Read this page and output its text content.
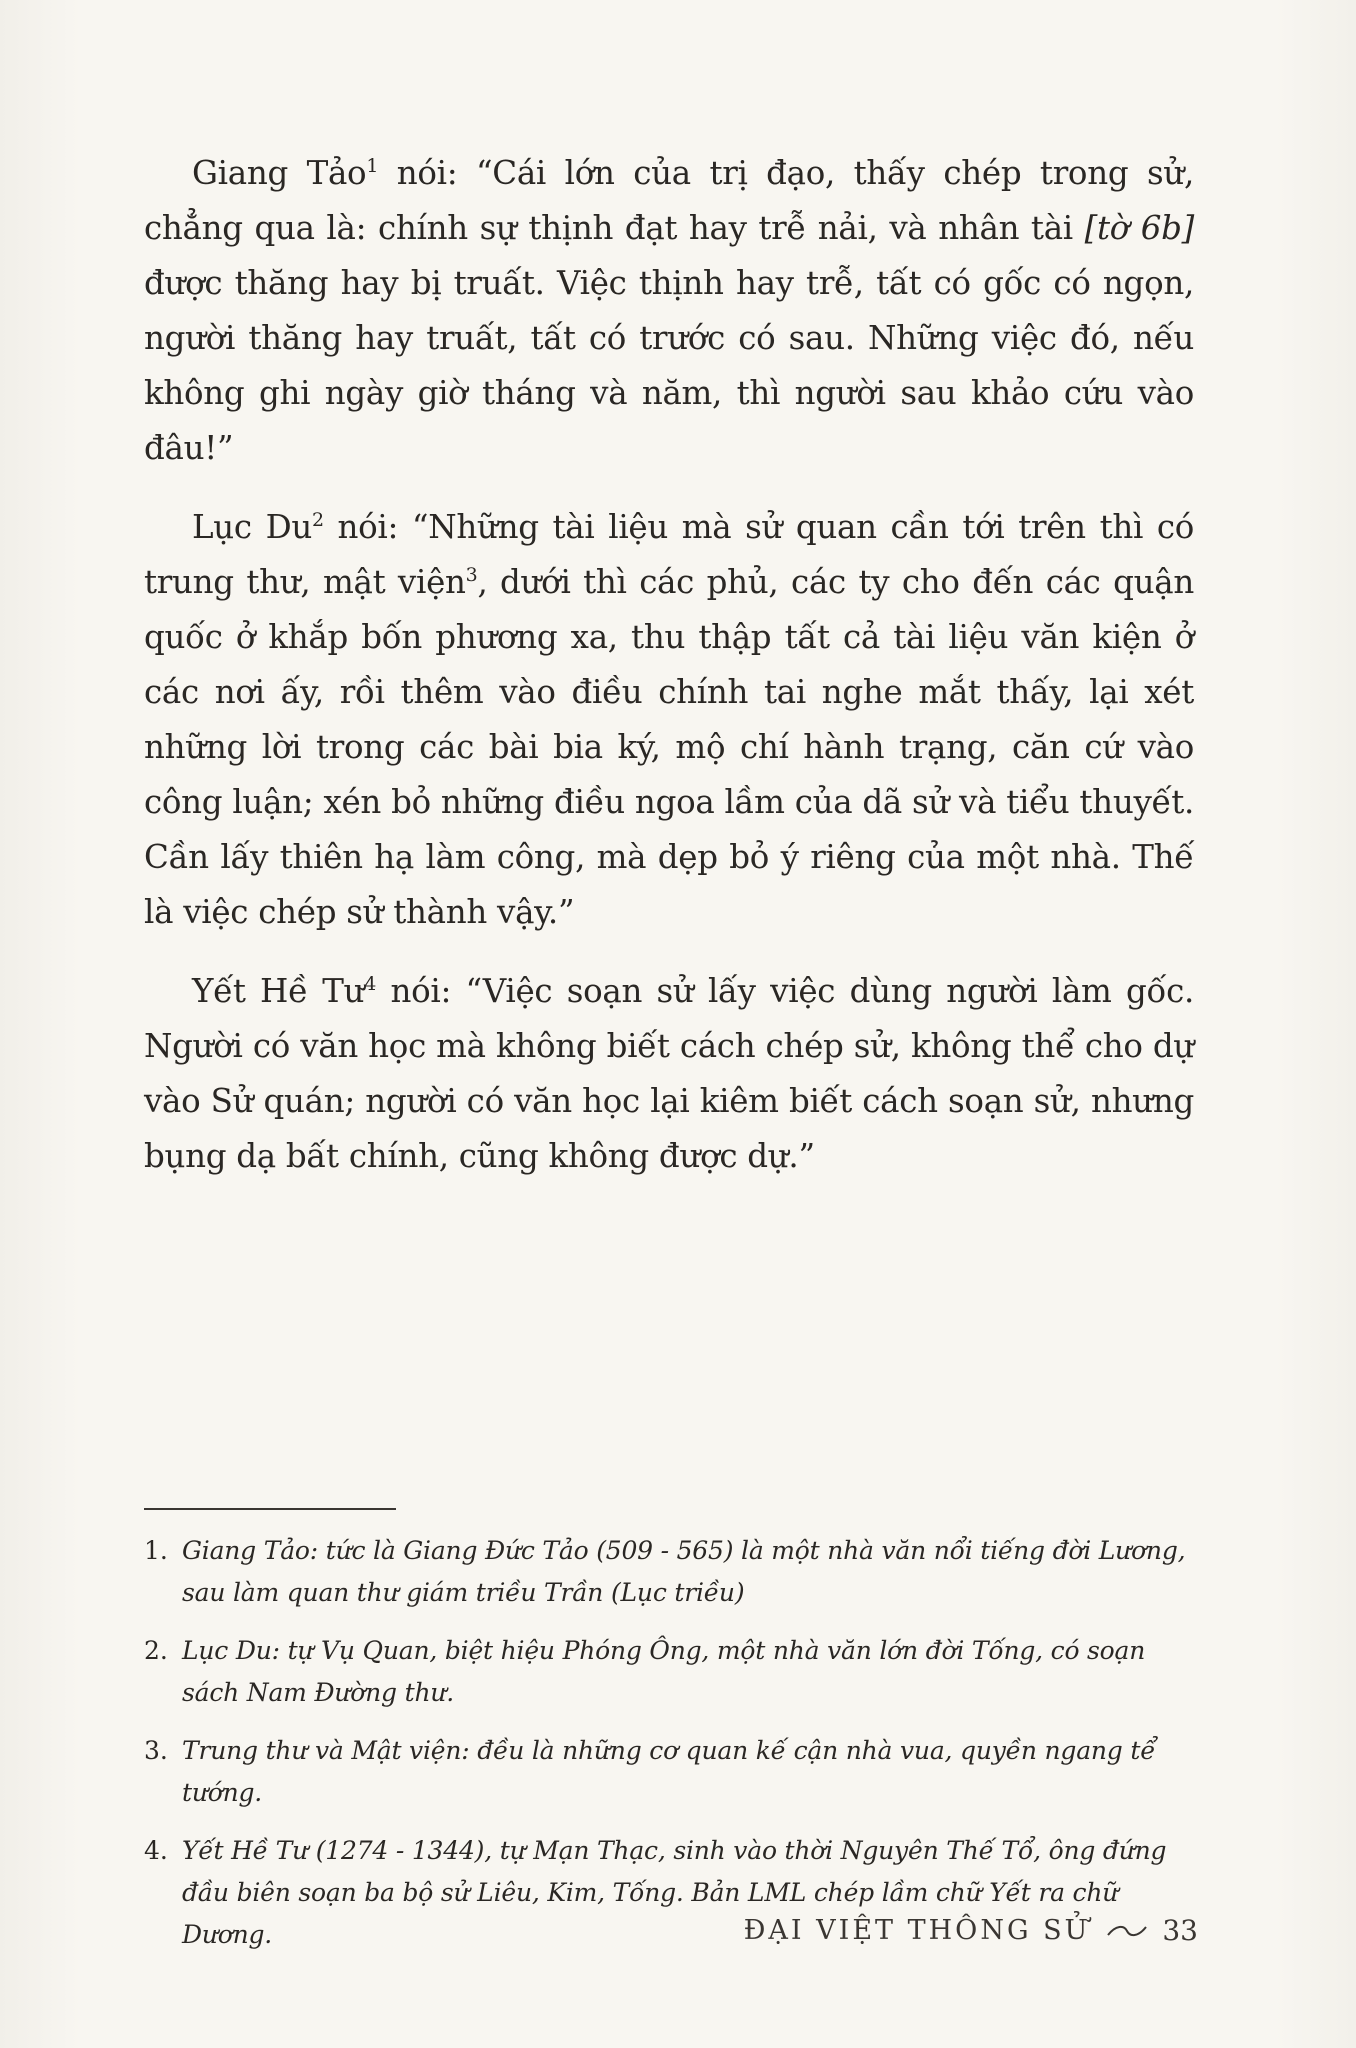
Giang Tảo$^1$ nói: “Cái lớn của trị đạo, thấy chép trong sử, chẳng qua là: chính sự thịnh đạt hay trễ nải, và nhân tài [tờ 6b] được thăng hay bị truất. Việc thịnh hay trễ, tất có gốc có ngọn, người thăng hay truất, tất có trước có sau. Những việc đó, nếu không ghi ngày giờ tháng và năm, thì người sau khảo cứu vào đâu!”

Lục Du$^2$ nói: “Những tài liệu mà sử quan cần tới trên thì có trung thư, mật viện$^3$, dưới thì các phủ, các ty cho đến các quận quốc ở khắp bốn phương xa, thu thập tất cả tài liệu văn kiện ở các nơi ấy, rồi thêm vào điều chính tai nghe mắt thấy, lại xét những lời trong các bài bia ký, mộ chí hành trạng, căn cứ vào công luận; xén bỏ những điều ngoa lầm của dã sử và tiểu thuyết. Cần lấy thiên hạ làm công, mà dẹp bỏ ý riêng của một nhà. Thế là việc chép sử thành vậy.”

Yết Hề $Tư^4$ nói: “Việc soạn sử lấy việc dùng người làm gốc. Người có văn học mà không biết cách chép sử, không thể cho dự vào Sử quán; người có văn học lại kiêm biết cách soạn sử, nhưng bụng dạ bất chính, cũng không được dự.”

1. Giang Tảo: tức là Giang Đức Tảo (509 - 565) là một nhà văn nổi tiếng đời Lương, sau làm quan thư giám triều Trần (Lục triều)
2. Lục Du: tự Vụ Quan, biệt hiệu Phóng Ông, một nhà văn lớn đời Tống, có soạn sách Nam Đường thư.
3. Trung thư và Mật viện: đều là những cơ quan kế cận nhà vua, quyền ngang tể tướng.
4. Yết Hề Tư (1274 - 1344), tự Mạn Thạc, sinh vào thời Nguyên Thế Tổ, ông đứng đầu biên soạn ba bộ sử Liêu, Kim, Tống. Bản LML chép lầm chữ Yết ra chữ Dương.	ĐẠI VIỆT THÔNG SỬ	33
